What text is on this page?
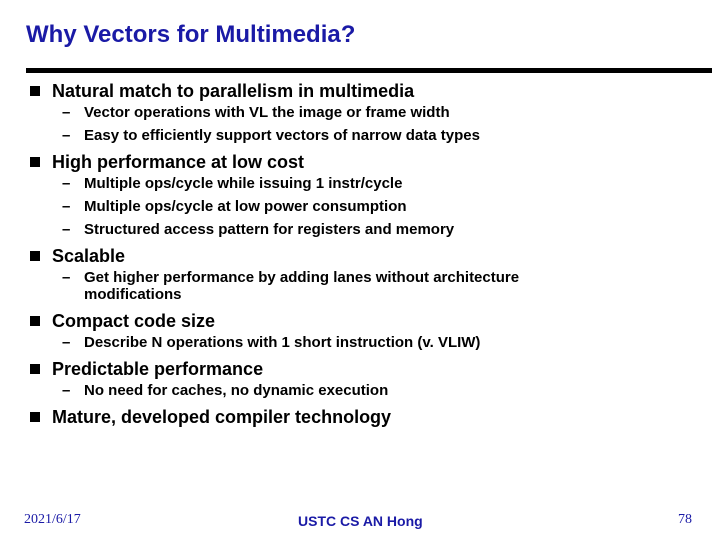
Why Vectors for Multimedia?
Natural match to parallelism in multimedia
– Vector operations with VL the image or frame width
– Easy to efficiently support vectors of narrow data types
High performance at low cost
– Multiple ops/cycle while issuing 1 instr/cycle
– Multiple ops/cycle at low power consumption
– Structured access pattern for registers and memory
Scalable
– Get higher performance by adding lanes without architecture modifications
Compact code size
– Describe N operations with 1 short instruction (v. VLIW)
Predictable performance
– No need for caches, no dynamic execution
Mature, developed compiler technology
2021/6/17	USTC CS AN Hong	78
